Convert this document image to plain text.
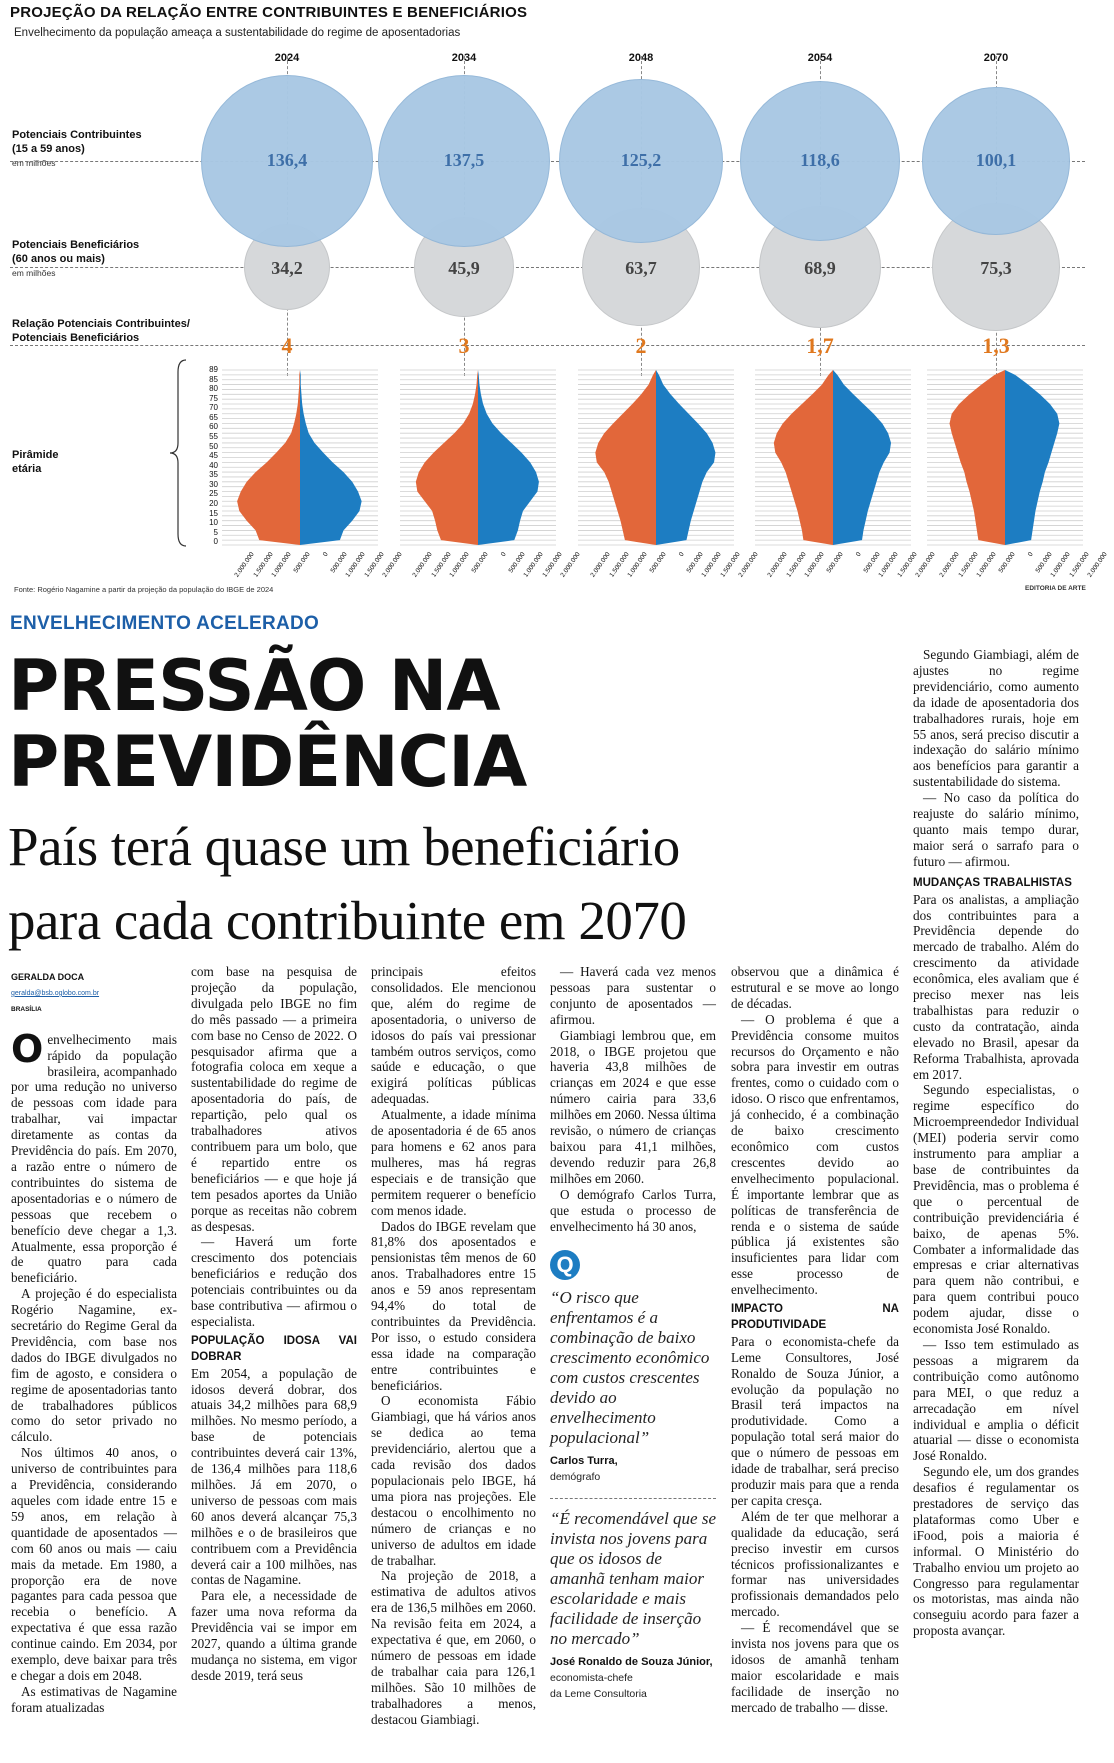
PROJEÇÃO DA RELAÇÃO ENTRE CONTRIBUINTES E BENEFICIÁRIOS
Envelhecimento da população ameaça a sustentabilidade do regime de aposentadorias
Potenciais Contribuintes
(15 a 59 anos)
em milhões
Potenciais Beneficiários
(60 anos ou mais)
em milhões
Relação Potenciais Contribuintes/
Potenciais Beneficiários
Pirâmide
etária
2024	2034	2048	2054	2070
136,4
34,2
4
137,5
45,9
3
125,2
63,7
2
118,6
68,9
1,7
100,1
75,3
1,3
2.000.000
1.500.000
1.000.000 500.000	0 500.000
1.000.000
1.500.000
2.000.000	2.000.000
1.500.000
1.000.000 500.000	0 500.000
1.000.000
1.500.000
2.000.000	2.000.000
1.500.000
1.000.000 500.000	0 500.000
1.000.000
1.500.000
2.000.000	2.000.000
1.500.000
1.000.000 500.000	0 500.000
1.000.000
1.500.000
2.000.000 2.000.000
1.500.000
1.000.000 500.000	0 500.000
1.000.000
1.500.000
2.000.000
89
85
80
75
70
65
60
55
50
45
40
35
30
25
20
15
10
5
0
Fonte: Rogério Nagamine a partir da projeção da população do IBGE de 2024	EDITORIA DE ARTE
ENVELHECIMENTO ACELERADO
PRESSÃO NA
PREVIDÊNCIA
País terá quase um beneficiário
para cada contribuinte em 2070
GERALDA DOCA
geralda@bsb.oglobo.com.br
BRASÍLIA

Oenvelhecimento mais rápido da população brasileira, acompanhado por uma redução no universo de pessoas com idade para trabalhar, vai impactar diretamente as contas da Previdência do país. Em 2070, a razão entre o número de contribuintes do sistema de aposentadorias e o número de pessoas que recebem o benefício deve chegar a 1,3. Atualmente, essa proporção é de quatro para cada beneficiário.

A projeção é do especialista Rogério Nagamine, ex-secretário do Regime Geral da Previdência, com base nos dados do IBGE divulgados no fim de agosto, e considera o regime de aposentadorias tanto de trabalhadores públicos como do setor privado no cálculo.

Nos últimos 40 anos, o universo de contribuintes para a Previdência, considerando aqueles com idade entre 15 e 59 anos, em relação à quantidade de aposentados — com 60 anos ou mais — caiu mais da metade. Em 1980, a proporção era de nove pagantes para cada pessoa que recebia o benefício. A expectativa é que essa razão continue caindo. Em 2034, por exemplo, deve baixar para três e chegar a dois em 2048.

As estimativas de Nagamine foram atualizadas

com base na pesquisa de projeção da população, divulgada pelo IBGE no fim do mês passado — a primeira com base no Censo de 2022. O pesquisador afirma que a fotografia coloca em xeque a sustentabilidade do regime de aposentadoria do país, de repartição, pelo qual os trabalhadores ativos contribuem para um bolo, que é repartido entre os beneficiários — e que hoje já tem pesados aportes da União porque as receitas não cobrem as despesas.

— Haverá um forte crescimento dos potenciais beneficiários e redução dos potenciais contribuintes ou da base contributiva — afirmou o especialista.

POPULAÇÃO IDOSA VAI DOBRAR

Em 2054, a população de idosos deverá dobrar, dos atuais 34,2 milhões para 68,9 milhões. No mesmo período, a base de potenciais contribuintes deverá cair 13%, de 136,4 milhões para 118,6 milhões. Já em 2070, o universo de pessoas com mais 60 anos deverá alcançar 75,3 milhões e o de brasileiros que contribuem com a Previdência deverá cair a 100 milhões, nas contas de Nagamine.

Para ele, a necessidade de fazer uma nova reforma da Previdência vai se impor em 2027, quando a última grande mudança no sistema, em vigor desde 2019, terá seus

principais efeitos consolidados. Ele mencionou que, além do regime de aposentadoria, o universo de idosos do país vai pressionar também outros serviços, como saúde e educação, o que exigirá políticas públicas adequadas.

Atualmente, a idade mínima de aposentadoria é de 65 anos para homens e 62 anos para mulheres, mas há regras especiais e de transição que permitem requerer o benefício com menos idade.

Dados do IBGE revelam que 81,8% dos aposentados e pensionistas têm menos de 60 anos. Trabalhadores entre 15 anos e 59 anos representam 94,4% do total de contribuintes da Previdência. Por isso, o estudo considera essa idade na comparação entre contribuintes e beneficiários.

O economista Fábio Giambiagi, que há vários anos se dedica ao tema previdenciário, alertou que a cada revisão dos dados populacionais pelo IBGE, há uma piora nas projeções. Ele destacou o encolhimento no número de crianças e no universo de adultos em idade de trabalhar.

Na projeção de 2018, a estimativa de adultos ativos era de 136,5 milhões em 2060. Na revisão feita em 2024, a expectativa é que, em 2060, o número de pessoas em idade de trabalhar caia para 126,1 milhões. São 10 milhões de trabalhadores a menos, destacou Giambiagi.

— Haverá cada vez menos pessoas para sustentar o conjunto de aposentados — afirmou.

Giambiagi lembrou que, em 2018, o IBGE projetou que haveria 43,8 milhões de crianças em 2024 e que esse número cairia para 33,6 milhões em 2060. Nessa última revisão, o número de crianças baixou para 41,1 milhões, devendo reduzir para 26,8 milhões em 2060.

O demógrafo Carlos Turra, que estuda o processo de envelhecimento há 30 anos,

Q
“O risco que enfrentamos é a combinação de baixo crescimento econômico com custos crescentes devido ao envelhecimento populacional”
Carlos Turra,
demógrafo
“É recomendável que se invista nos jovens para que os idosos de amanhã tenham maior escolaridade e mais facilidade de inserção no mercado”
José Ronaldo de Souza Júnior,
economista-chefe
da Leme Consultoria

observou que a dinâmica é estrutural e se move ao longo de décadas.

— O problema é que a Previdência consome muitos recursos do Orçamento e não sobra para investir em outras frentes, como o cuidado com o idoso. O risco que enfrentamos, já conhecido, é a combinação de baixo crescimento econômico com custos crescentes devido ao envelhecimento populacional. É importante lembrar que as políticas de transferência de renda e o sistema de saúde pública já existentes são insuficientes para lidar com esse processo de envelhecimento.

IMPACTO NA PRODUTIVIDADE

Para o economista-chefe da Leme Consultores, José Ronaldo de Souza Júnior, a evolução da população no Brasil terá impactos na produtividade. Como a população total será maior do que o número de pessoas em idade de trabalhar, será preciso produzir mais para que a renda per capita cresça.

Além de ter que melhorar a qualidade da educação, será preciso investir em cursos técnicos profissionalizantes e formar nas universidades profissionais demandados pelo mercado.

— É recomendável que se invista nos jovens para que os idosos de amanhã tenham maior escolaridade e mais facilidade de inserção no mercado de trabalho — disse.

Segundo Giambiagi, além de ajustes no regime previdenciário, como aumento da idade de aposentadoria dos trabalhadores rurais, hoje em 55 anos, será preciso discutir a indexação do salário mínimo aos benefícios para garantir a sustentabilidade do sistema.

— No caso da política do reajuste do salário mínimo, quanto mais tempo durar, maior será o sarrafo para o futuro — afirmou.

MUDANÇAS TRABALHISTAS

Para os analistas, a ampliação dos contribuintes para a Previdência depende do mercado de trabalho. Além do crescimento da atividade econômica, eles avaliam que é preciso mexer nas leis trabalhistas para reduzir o custo da contratação, ainda elevado no Brasil, apesar da Reforma Trabalhista, aprovada em 2017.

Segundo especialistas, o regime específico do Microempreendedor Individual (MEI) poderia servir como instrumento para ampliar a base de contribuintes da Previdência, mas o problema é que o percentual de contribuição previdenciária é baixo, de apenas 5%. Combater a informalidade das empresas e criar alternativas para quem não contribui, e para quem contribui pouco podem ajudar, disse o economista José Ronaldo.

— Isso tem estimulado as pessoas a migrarem da contribuição como autônomo para MEI, o que reduz a arrecadação em nível individual e amplia o déficit atuarial — disse o economista José Ronaldo.

Segundo ele, um dos grandes desafios é regulamentar os prestadores de serviço das plataformas como Uber e iFood, pois a maioria é informal. O Ministério do Trabalho enviou um projeto ao Congresso para regulamentar os motoristas, mas ainda não conseguiu acordo para fazer a proposta avançar.
